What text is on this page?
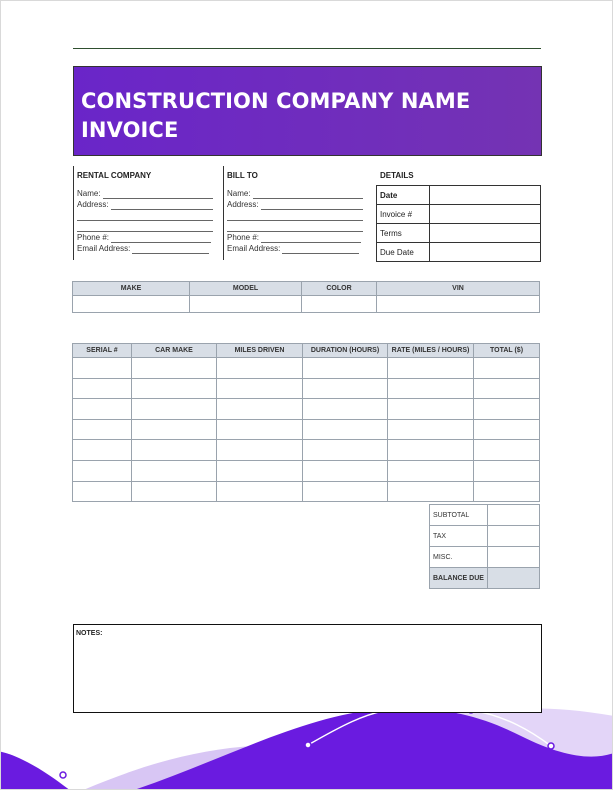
CONSTRUCTION COMPANY NAME
INVOICE
RENTAL COMPANY
Name:
Address:
Phone #:
Email Address:
BILL TO
Name:
Address:
Phone #:
Email Address:
DETAILS
Date	
Invoice #	
Terms	
Due Date	
MAKE	MODEL	COLOR	VIN

SERIAL #	CAR MAKE	MILES DRIVEN	DURATION (HOURS)	RATE (MILES / HOURS)	TOTAL ($)

SUBTOTAL	
TAX	
MISC.	
BALANCE DUE	
NOTES:
